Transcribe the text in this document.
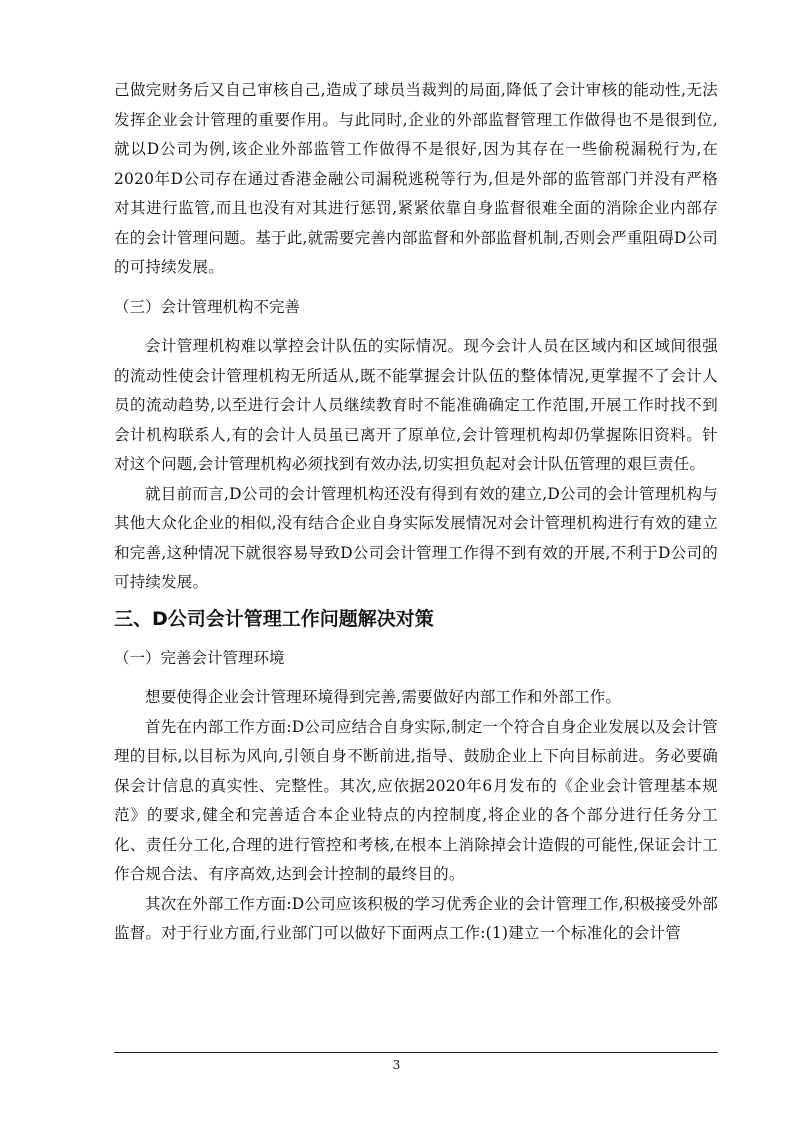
己做完财务后又自己审核自己,造成了球员当裁判的局面,降低了会计审核的能动性,无法发挥企业会计管理的重要作用。与此同时,企业的外部监督管理工作做得也不是很到位,就以D公司为例,该企业外部监管工作做得不是很好,因为其存在一些偷税漏税行为,在2020年D公司存在通过香港金融公司漏税逃税等行为,但是外部的监管部门并没有严格对其进行监管,而且也没有对其进行惩罚,紧紧依靠自身监督很难全面的消除企业内部存在的会计管理问题。基于此,就需要完善内部监督和外部监督机制,否则会严重阻碍D公司的可持续发展。

（三）会计管理机构不完善

会计管理机构难以掌控会计队伍的实际情况。现今会计人员在区域内和区域间很强的流动性使会计管理机构无所适从,既不能掌握会计队伍的整体情况,更掌握不了会计人员的流动趋势,以至进行会计人员继续教育时不能准确确定工作范围,开展工作时找不到会计机构联系人,有的会计人员虽已离开了原单位,会计管理机构却仍掌握陈旧资料。针对这个问题,会计管理机构必须找到有效办法,切实担负起对会计队伍管理的艰巨责任。

就目前而言,D公司的会计管理机构还没有得到有效的建立,D公司的会计管理机构与其他大众化企业的相似,没有结合企业自身实际发展情况对会计管理机构进行有效的建立和完善,这种情况下就很容易导致D公司会计管理工作得不到有效的开展,不利于D公司的可持续发展。

三、D公司会计管理工作问题解决对策

（一）完善会计管理环境

想要使得企业会计管理环境得到完善,需要做好内部工作和外部工作。

首先在内部工作方面:D公司应结合自身实际,制定一个符合自身企业发展以及会计管理的目标,以目标为风向,引领自身不断前进,指导、鼓励企业上下向目标前进。务必要确保会计信息的真实性、完整性。其次,应依据2020年6月发布的《企业会计管理基本规范》的要求,健全和完善适合本企业特点的内控制度,将企业的各个部分进行任务分工化、责任分工化,合理的进行管控和考核,在根本上消除掉会计造假的可能性,保证会计工作合规合法、有序高效,达到会计控制的最终目的。

其次在外部工作方面:D公司应该积极的学习优秀企业的会计管理工作,积极接受外部监督。对于行业方面,行业部门可以做好下面两点工作:(1)建立一个标准化的会计管

3
